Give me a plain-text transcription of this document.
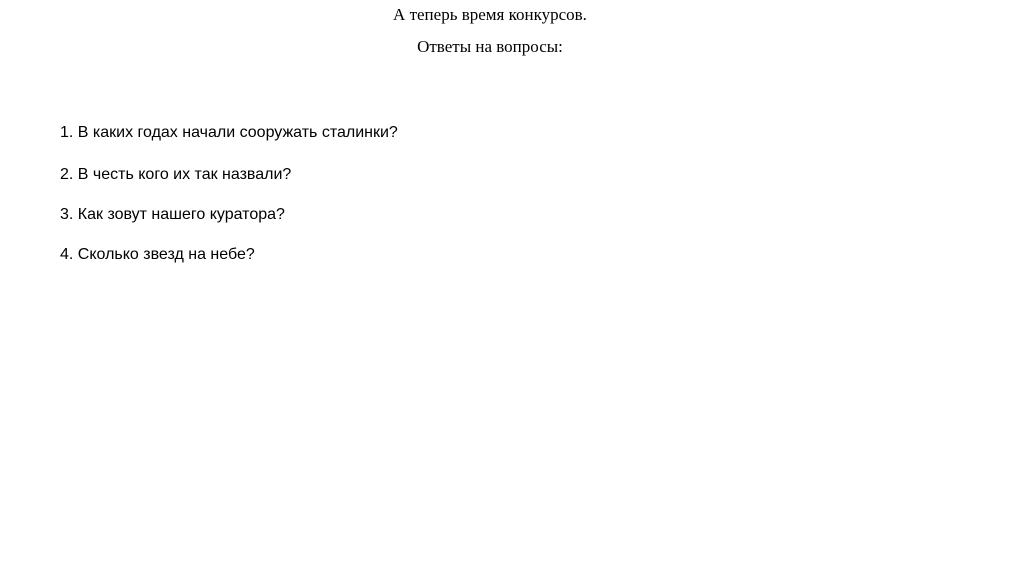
А теперь время конкурсов.
Ответы на вопросы:
1. В каких годах начали сооружать сталинки?
2. В честь кого их так назвали?
3. Как зовут нашего куратора?
4. Сколько звезд на небе?
